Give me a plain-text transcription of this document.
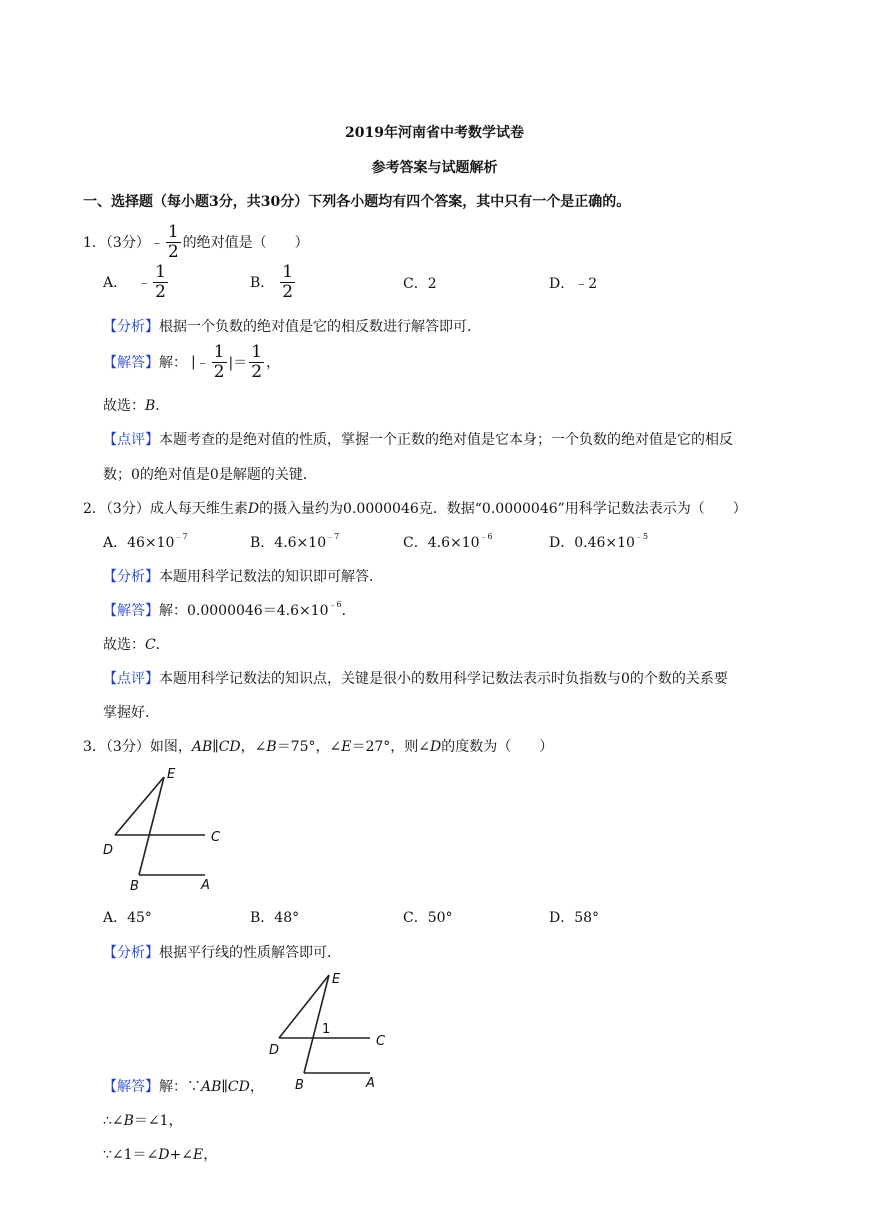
2019年河南省中考数学试卷
参考答案与试题解析
一、选择题（每小题3分，共30分）下列各小题均有四个答案，其中只有一个是正确的。
1．（3分） ﹣ $\frac{1}{2}$ 的绝对值是（　　）
A． ﹣ $\frac{1}{2}$	B． $\frac{1}{2}$	C．2	D．﹣2
【分析】根据一个负数的绝对值是它的相反数进行解答即可．
【解答】 解： | ﹣ $\frac{1}{2}$ |＝ $\frac{1}{2}$ ，
故选：B．
【点评】本题考查的是绝对值的性质，掌握一个正数的绝对值是它本身；一个负数的绝对值是它的相反
数；0的绝对值是0是解题的关键．
2．（3分）成人每天维生素D的摄入量约为0.0000046克．数据“0.0000046”用科学记数法表示为（　　）
A．$46\times 10^{﹣7}$	B．$4.6\times 10^{﹣7}$	C．$4.6\times 10^{﹣6}$	D．$0.46\times 10^{﹣5}$
【分析】本题用科学记数法的知识即可解答．
【解答】解：$0.0000046=4.6\times 10^{﹣6}$．
故选：C．
【点评】本题用科学记数法的知识点，关键是很小的数用科学记数法表示时负指数与0的个数的关系要
掌握好．
3．（3分）如图，AB∥CD，∠B＝75°，∠E＝27°，则∠D的度数为（　　）
E
C
D
B	A
A．45°	B．48°	C．50°	D．58°
【分析】根据平行线的性质解答即可．
E
1
C
D
B	A
【解答】解：∵AB∥CD，
∴∠B＝∠1，
∵∠1＝∠D+∠E，
